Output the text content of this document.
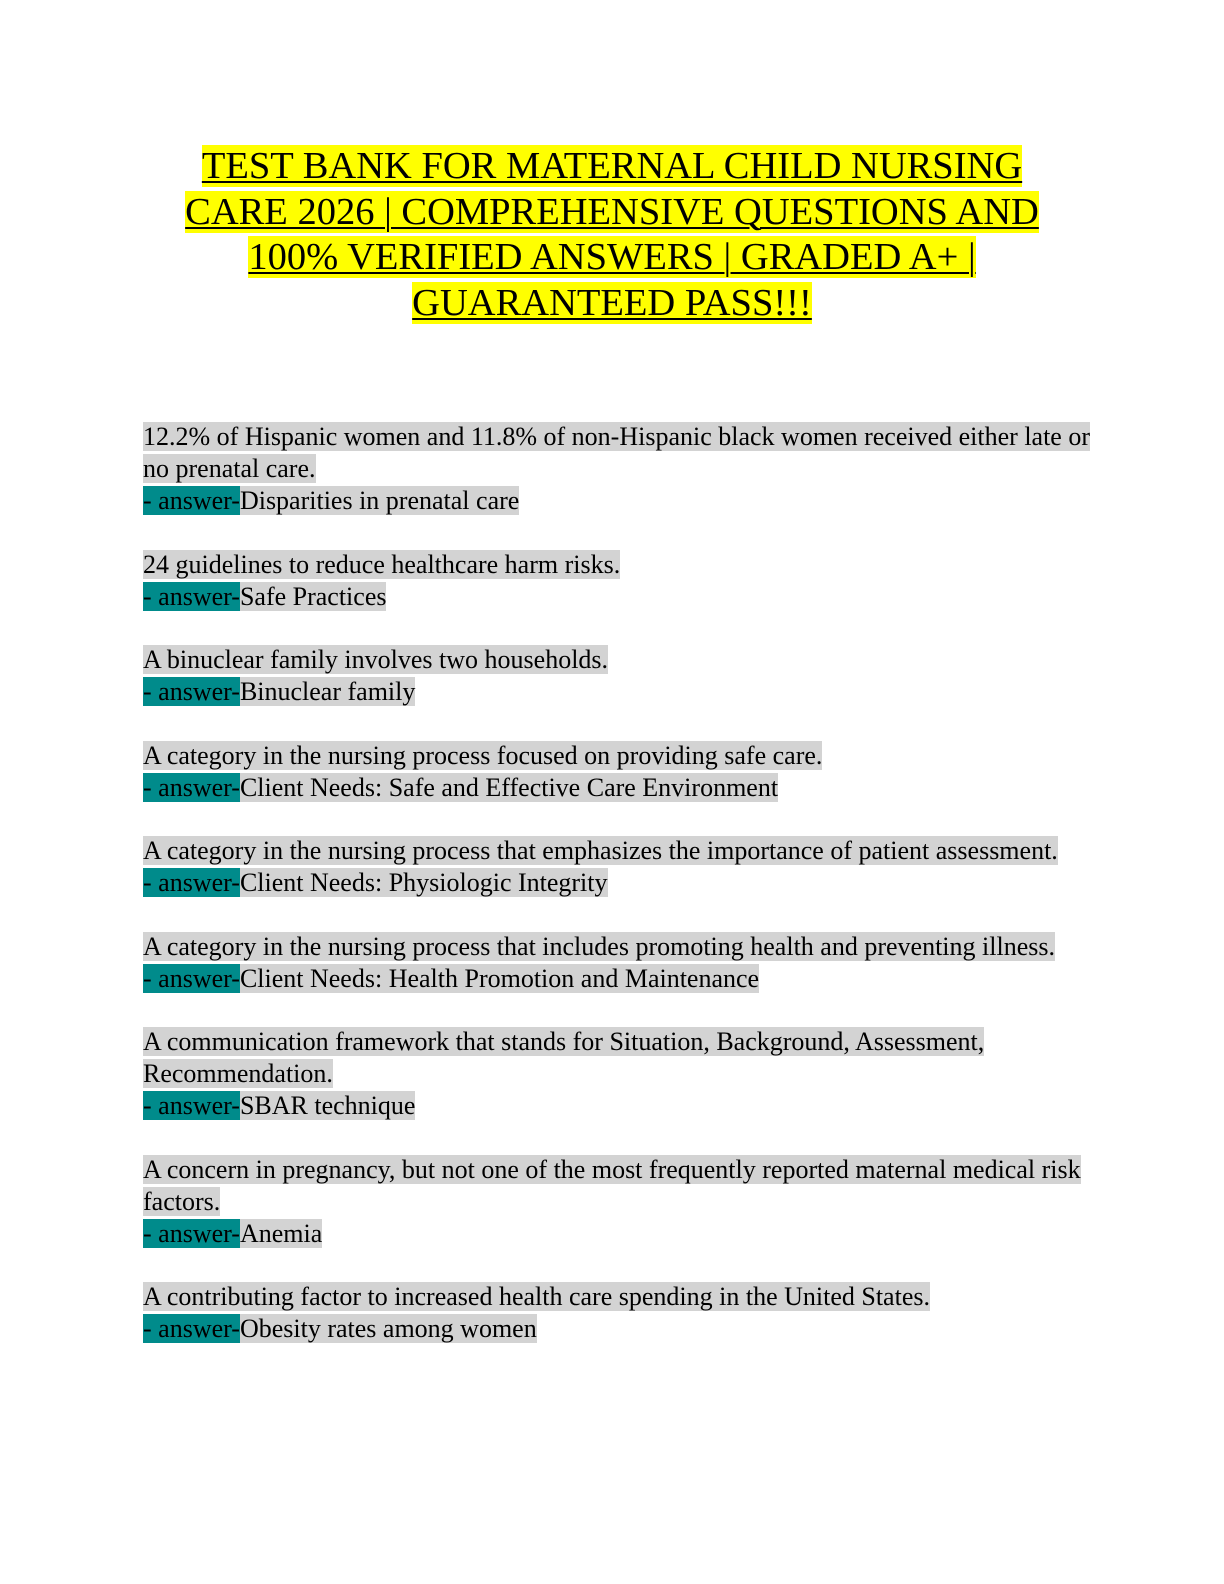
TEST BANK FOR MATERNAL CHILD NURSING
CARE 2026 | COMPREHENSIVE QUESTIONS AND
100% VERIFIED ANSWERS | GRADED A+ |
GUARANTEED PASS!!!
12.2% of Hispanic women and 11.8% of non-Hispanic black women received either late or no prenatal care.
- answer-Disparities in prenatal care
24 guidelines to reduce healthcare harm risks.
- answer-Safe Practices
A binuclear family involves two households.
- answer-Binuclear family
A category in the nursing process focused on providing safe care.
- answer-Client Needs: Safe and Effective Care Environment
A category in the nursing process that emphasizes the importance of patient assessment.
- answer-Client Needs: Physiologic Integrity
A category in the nursing process that includes promoting health and preventing illness.
- answer-Client Needs: Health Promotion and Maintenance
A communication framework that stands for Situation, Background, Assessment, Recommendation.
- answer-SBAR technique
A concern in pregnancy, but not one of the most frequently reported maternal medical risk factors.
- answer-Anemia
A contributing factor to increased health care spending in the United States.
- answer-Obesity rates among women
